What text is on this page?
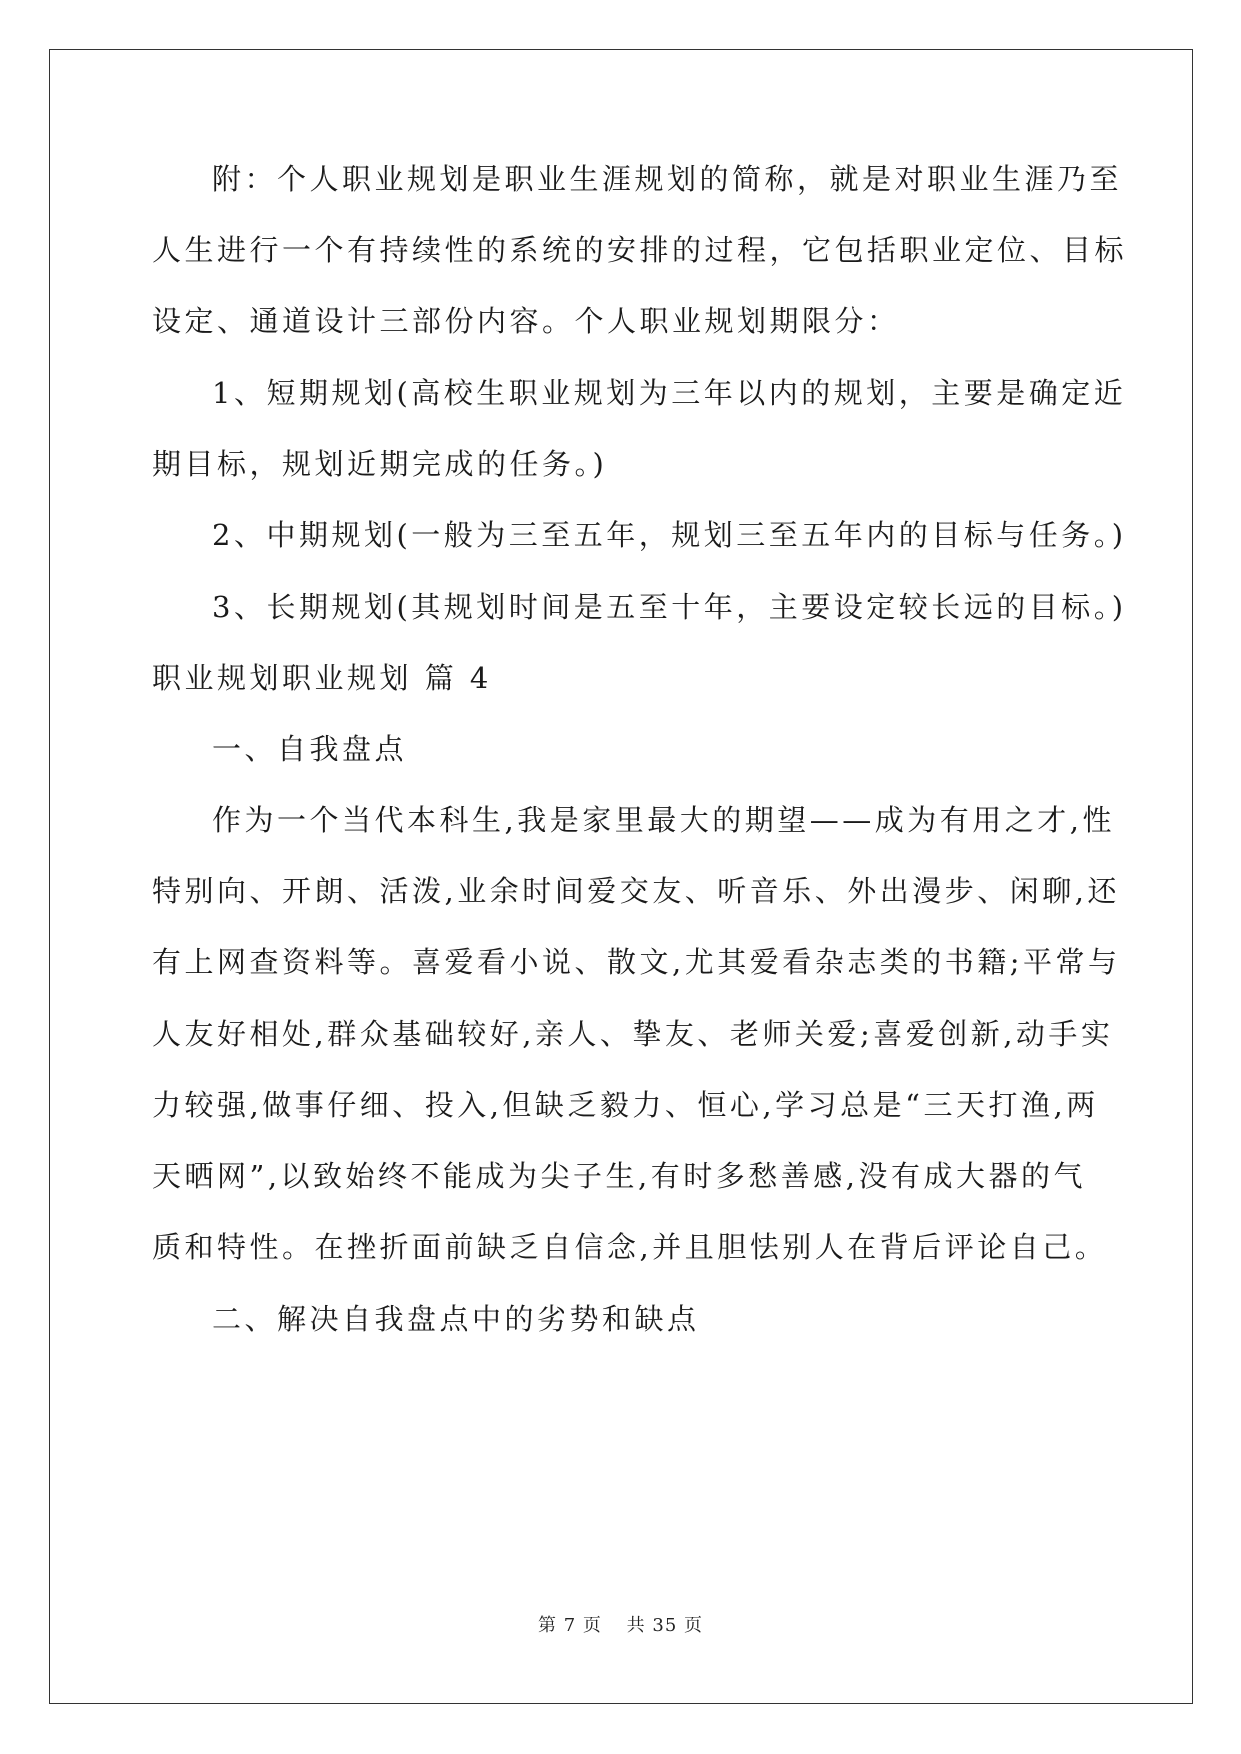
附：个人职业规划是职业生涯规划的简称，就是对职业生涯乃至
人生进行一个有持续性的系统的安排的过程，它包括职业定位、目标
设定、通道设计三部份内容。个人职业规划期限分：
1、短期规划(高校生职业规划为三年以内的规划，主要是确定近
期目标，规划近期完成的任务。)
2、中期规划(一般为三至五年，规划三至五年内的目标与任务。)
3、长期规划(其规划时间是五至十年，主要设定较长远的目标。)
职业规划职业规划 篇 4
一、自我盘点
作为一个当代本科生,我是家里最大的期望——成为有用之才,性
特别向、开朗、活泼,业余时间爱交友、听音乐、外出漫步、闲聊,还
有上网查资料等。喜爱看小说、散文,尤其爱看杂志类的书籍;平常与
人友好相处,群众基础较好,亲人、挚友、老师关爱;喜爱创新,动手实
力较强,做事仔细、投入,但缺乏毅力、恒心,学习总是“三天打渔,两
天晒网”,以致始终不能成为尖子生,有时多愁善感,没有成大器的气
质和特性。在挫折面前缺乏自信念,并且胆怯别人在背后评论自己。
二、解决自我盘点中的劣势和缺点
第 7 页 共 35 页
